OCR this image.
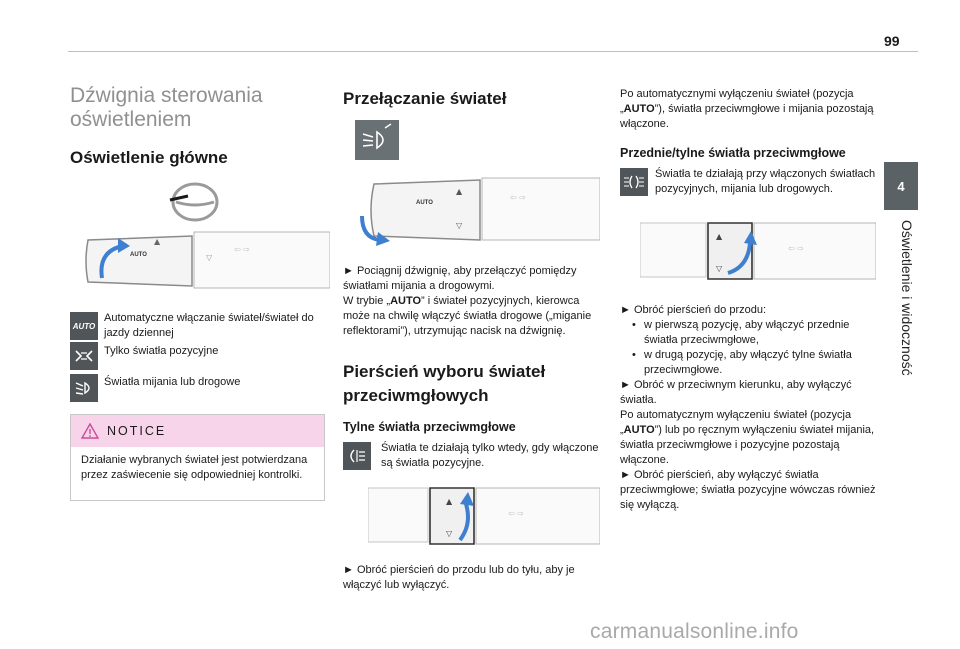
99
4
Oświetlenie i widoczność
Dźwignia sterowania
oświetleniem
Oświetlenie główne
AUTO
▲
▽
⇦ ⇨
AUTO
Automatyczne włączanie świateł/świateł do jazdy dziennej
Tylko światła pozycyjne
Światła mijania lub drogowe
NOTICE
Działanie wybranych świateł jest potwierdzana przez zaświecenie się odpowiedniej kontrolki.
Przełączanie świateł
AUTO
▲
▽
⇦ ⇨
► Pociągnij dźwignię, aby przełączyć pomiędzy światłami mijania a drogowymi.
W trybie „AUTO” i świateł pozycyjnych, kierowca może na chwilę włączyć światła drogowe („miganie reflektorami”), utrzymując nacisk na dźwignię.
Pierścień wyboru świateł
przeciwmgłowych
Tylne światła przeciwmgłowe
Światła te działają tylko wtedy, gdy włączone są światła pozycyjne.
▲
▽
⇦ ⇨
► Obróć pierścień do przodu lub do tyłu, aby je włączyć lub wyłączyć.
Po automatycznymi wyłączeniu świateł (pozycja „AUTO”), światła przeciwmgłowe i mijania pozostają włączone.
Przednie/tylne światła przeciwmgłowe
Światła te działają przy włączonych światłach pozycyjnych, mijania lub drogowych.
▲
▽
⇦ ⇨
► Obróć pierścień do przodu:
• w pierwszą pozycję, aby włączyć przednie światła przeciwmgłowe,
• w drugą pozycję, aby włączyć tylne światła przeciwmgłowe.
► Obróć w przeciwnym kierunku, aby wyłączyć światła.
Po automatycznym wyłączeniu świateł (pozycja „AUTO”) lub po ręcznym wyłączeniu świateł mijania, światła przeciwmgłowe i pozycyjne pozostają włączone.
► Obróć pierścień, aby wyłączyć światła przeciwmgłowe; światła pozycyjne wówczas również się wyłączą.
carmanualsonline.info
